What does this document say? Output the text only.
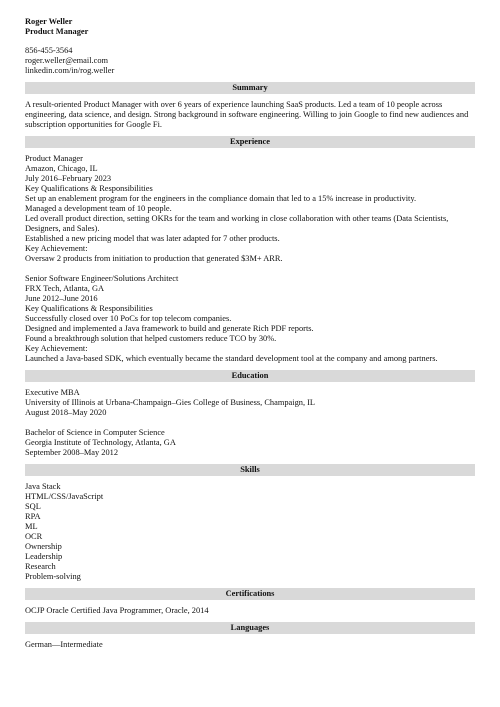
Roger Weller
Product Manager
856-455-3564
roger.weller@email.com
linkedin.com/in/rog.weller
Summary
A result-oriented Product Manager with over 6 years of experience launching SaaS products. Led a team of 10 people across engineering, data science, and design. Strong background in software engineering. Willing to join Google to find new audiences and subscription opportunities for Google Fi.
Experience
Product Manager
Amazon, Chicago, IL
July 2016–February 2023
Key Qualifications & Responsibilities
Set up an enablement program for the engineers in the compliance domain that led to a 15% increase in productivity.
Managed a development team of 10 people.
Led overall product direction, setting OKRs for the team and working in close collaboration with other teams (Data Scientists, Designers, and Sales).
Established a new pricing model that was later adapted for 7 other products.
Key Achievement:
Oversaw 2 products from initiation to production that generated $3M+ ARR.
Senior Software Engineer/Solutions Architect
FRX Tech, Atlanta, GA
June 2012–June 2016
Key Qualifications & Responsibilities
Successfully closed over 10 PoCs for top telecom companies.
Designed and implemented a Java framework to build and generate Rich PDF reports.
Found a breakthrough solution that helped customers reduce TCO by 30%.
Key Achievement:
Launched a Java-based SDK, which eventually became the standard development tool at the company and among partners.
Education
Executive MBA
University of Illinois at Urbana-Champaign–Gies College of Business, Champaign, IL
August 2018–May 2020
Bachelor of Science in Computer Science
Georgia Institute of Technology, Atlanta, GA
September 2008–May 2012
Skills
Java Stack
HTML/CSS/JavaScript
SQL
RPA
ML
OCR
Ownership
Leadership
Research
Problem-solving
Certifications
OCJP Oracle Certified Java Programmer, Oracle, 2014
Languages
German—Intermediate
